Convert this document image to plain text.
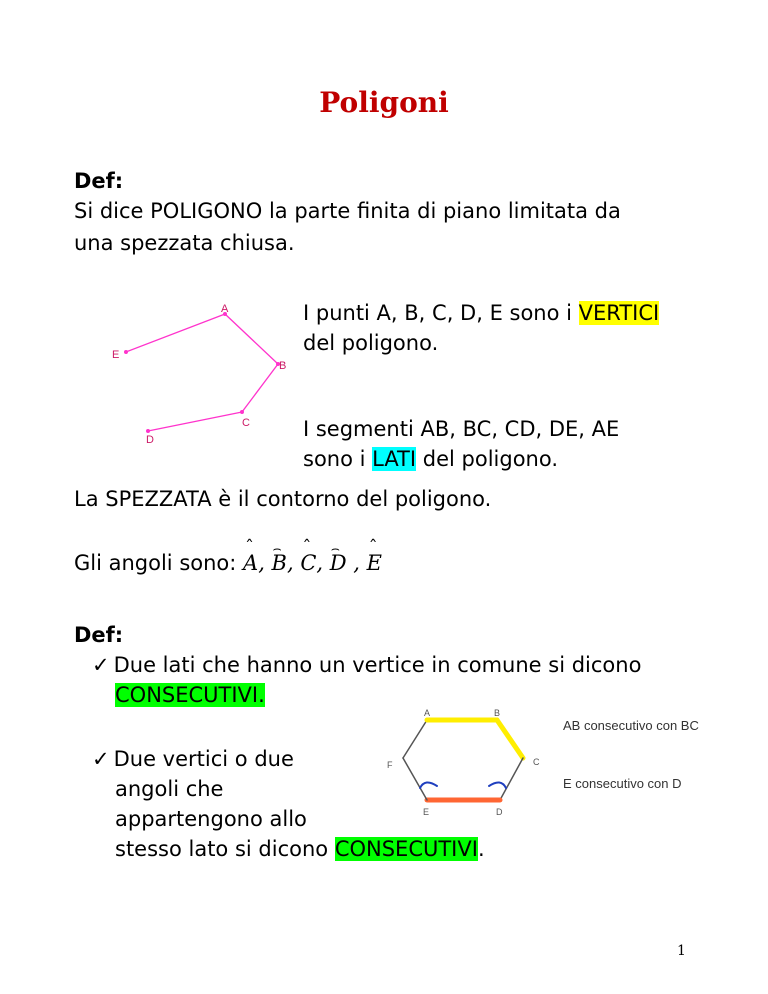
Poligoni
Def:
Si dice POLIGONO la parte finita di piano limitata da
una spezzata chiusa.
A
B
C
D
E
I punti A, B, C, D, E sono i VERTICI
del poligono.
I segmenti AB, BC, CD, DE, AE
sono i LATI del poligono.
La SPEZZATA è il contorno del poligono.
Gli angoli sono: ˆ A, ⌢ B, ˆ C, ⌢ D , ˆ E
Def:
✓ Due lati che hanno un vertice in comune si dicono
CONSECUTIVI.
✓ Due vertici o due
angoli che
appartengono allo
stesso lato si dicono CONSECUTIVI.
A	B
C
D
E
F
AB consecutivo con BC
E consecutivo con D
1
